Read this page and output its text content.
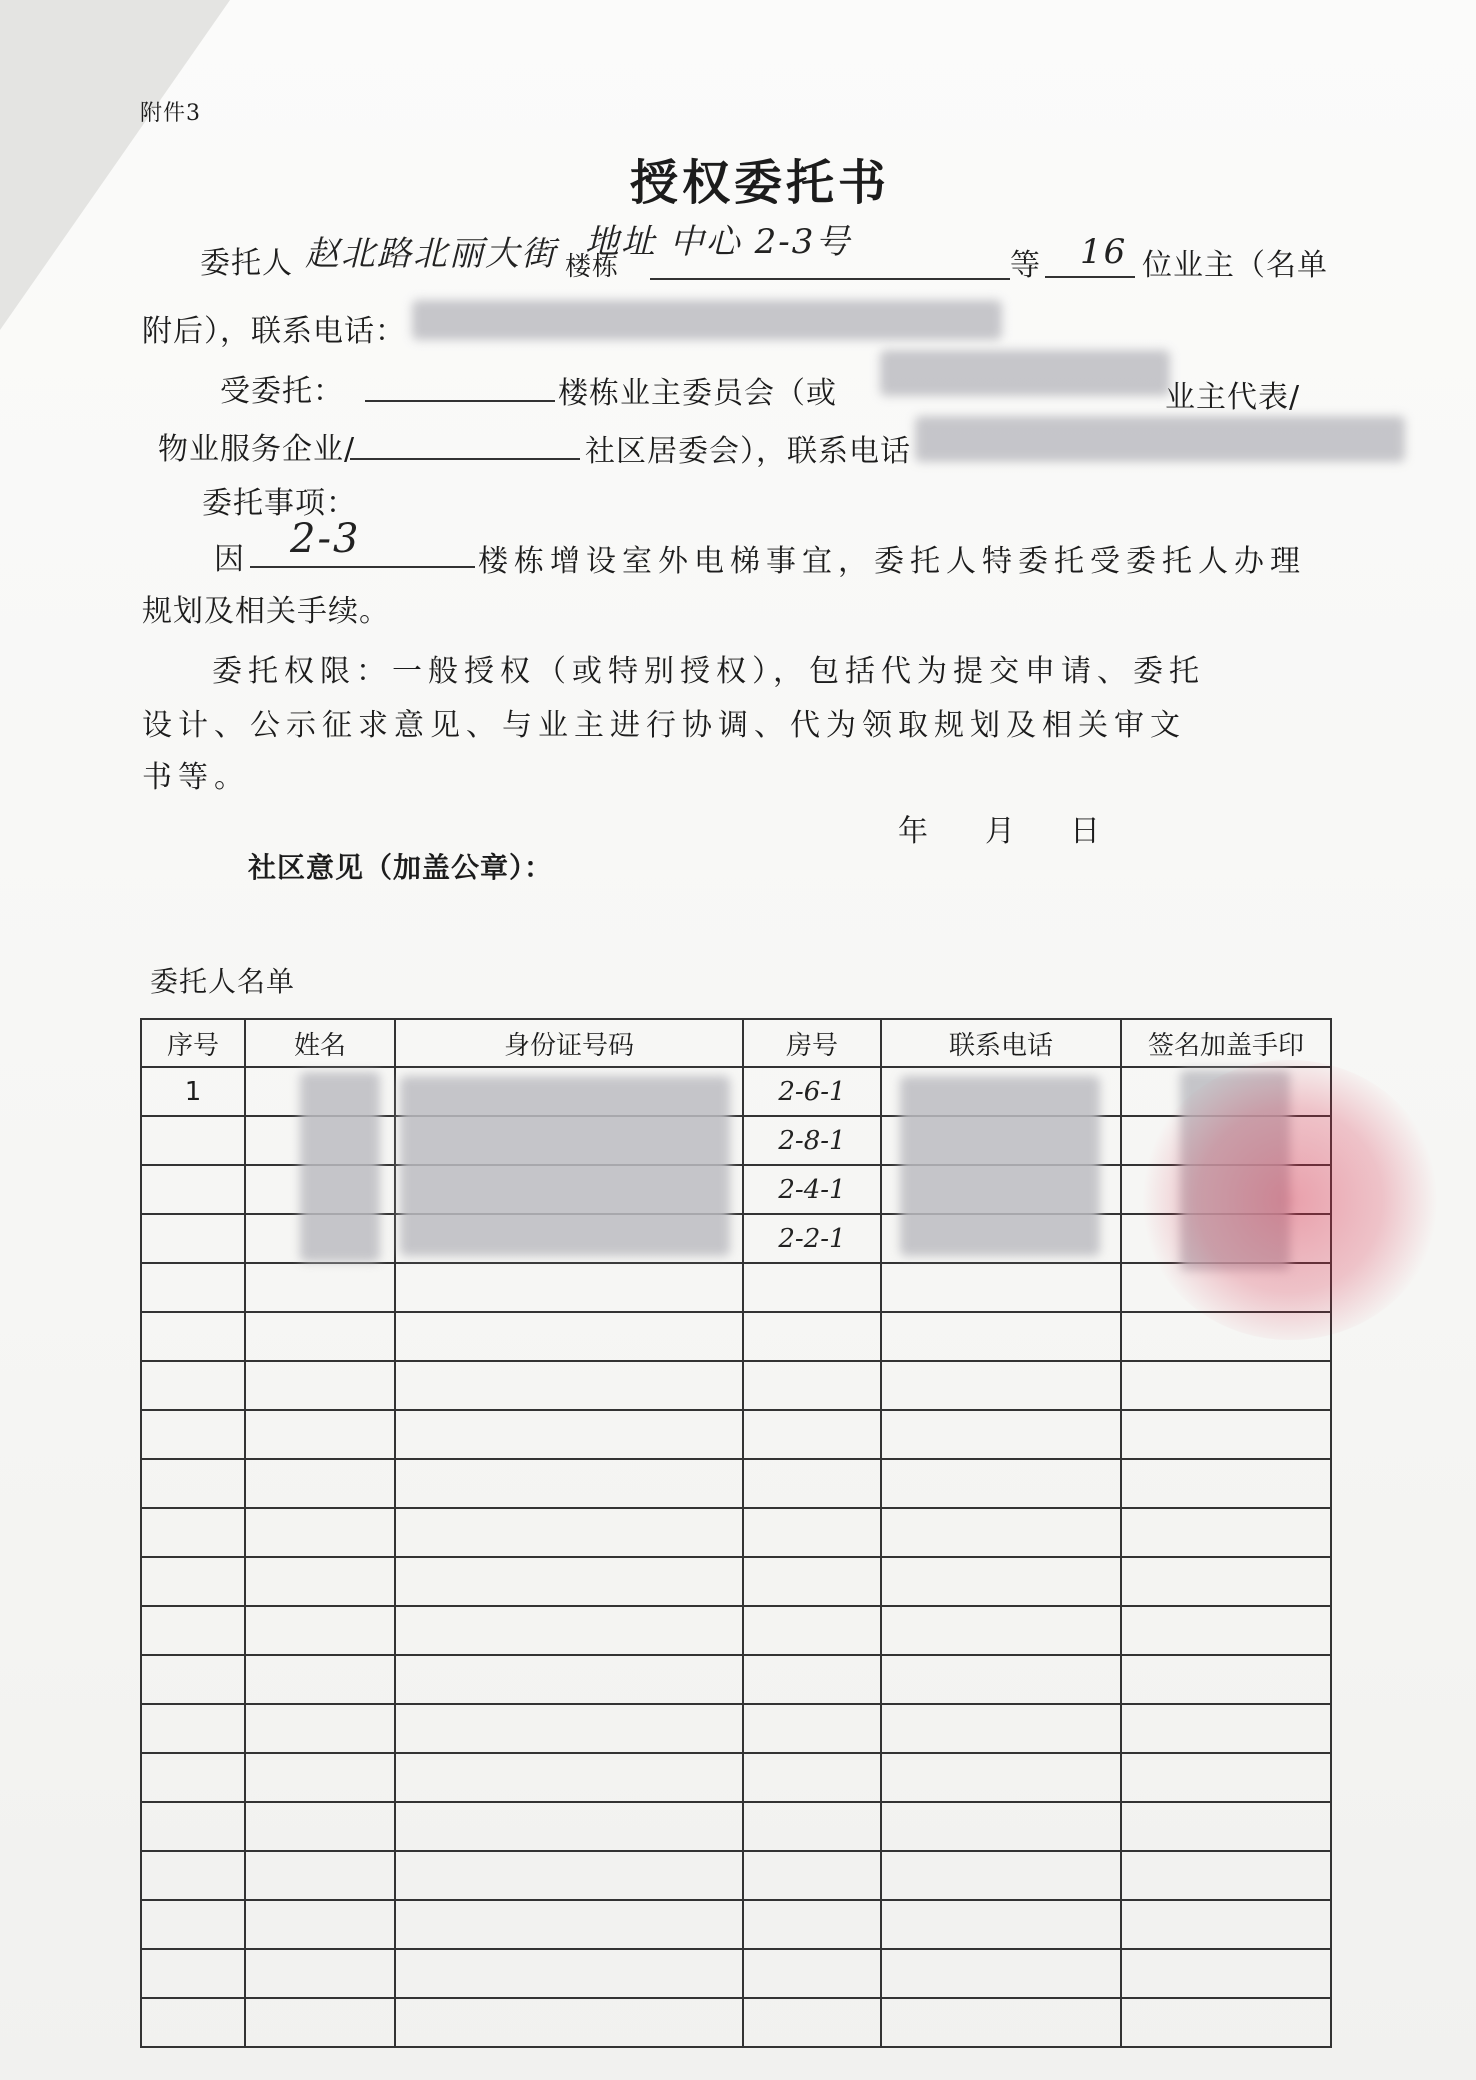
附件3
授权委托书
委托人 赵北路北丽大街 楼栋
地址 中心 2-3号
等 16 位业主（名单
附后），联系电话：
受委托：	楼栋业主委员会（或	业主代表/
物业服务企业/	社区居委会），联系电话
委托事项：
因 2-3	楼栋增设室外电梯事宜，委托人特委托受委托人办理
规划及相关手续。
委托权限：一般授权（或特别授权），包括代为提交申请、委托
设计、公示征求意见、与业主进行协调、代为领取规划及相关审文
书等。
年 月 日
社区意见（加盖公章）：
委托人名单
序号	姓名	身份证号码	房号	联系电话	签名加盖手印
1			2-6-1		
			2-8-1		
			2-4-1		
			2-2-1		
